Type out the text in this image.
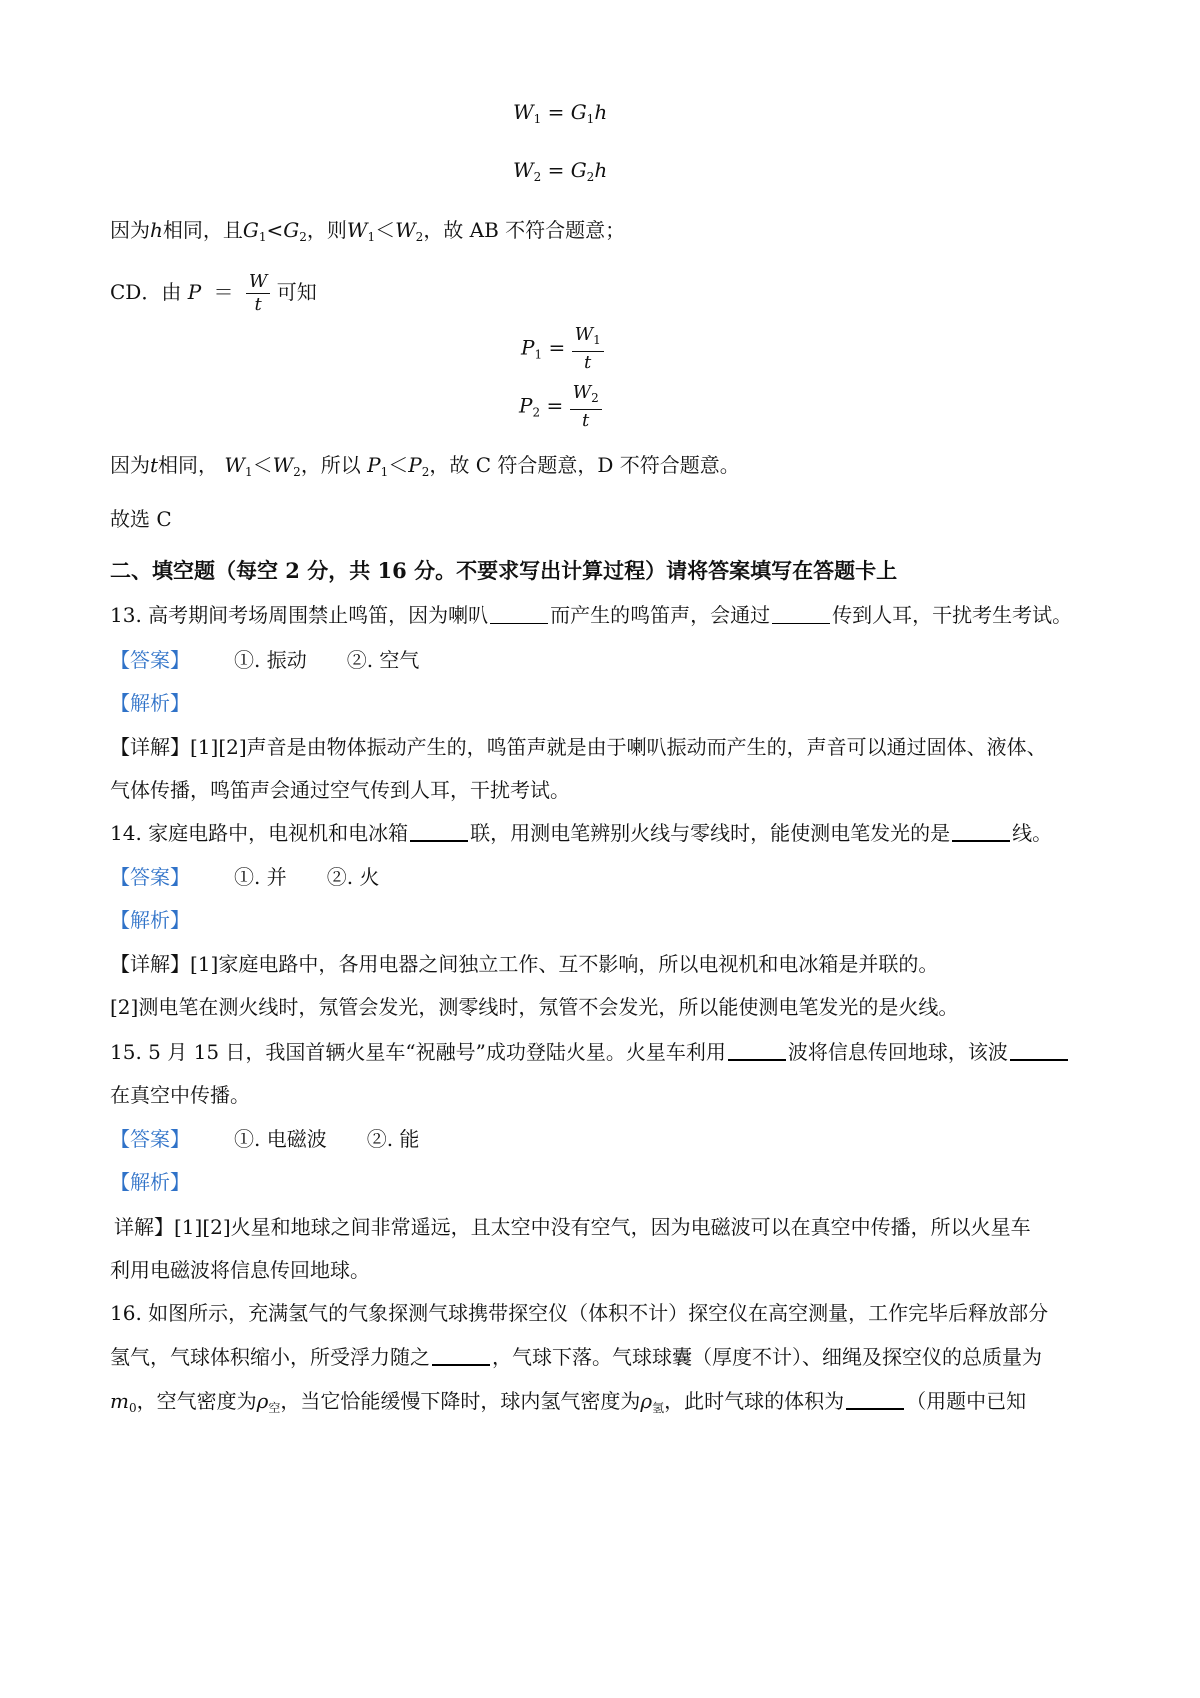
$W_1 = G_1h$
$W_2 = G_2h$
因为h相同，且$G_1<G_2$，则$W_1<W_2$，故 AB 不符合题意；
CD．由 $P = \frac{W}{t}$ 可知
$P_1 = \frac{W_1}{t}$
$P_2 = \frac{W_2}{t}$
因为t相同， $W_1<W_2$，所以 $P_1<P_2$，故 C 符合题意，D 不符合题意。
故选 C
二、填空题（每空 2 分，共 16 分。不要求写出计算过程）请将答案填写在答题卡上
13. 高考期间考场周围禁止鸣笛，因为喇叭	而产生的鸣笛声，会通过	传到人耳，干扰考生考试。
【答案】 ①. 振动 ②. 空气
【解析】
【详解】[1][2]声音是由物体振动产生的，鸣笛声就是由于喇叭振动而产生的，声音可以通过固体、液体、
气体传播，鸣笛声会通过空气传到人耳，干扰考试。
14. 家庭电路中，电视机和电冰箱	联，用测电笔辨别火线与零线时，能使测电笔发光的是	线。
【答案】 ①. 并 ②. 火
【解析】
【详解】[1]家庭电路中，各用电器之间独立工作、互不影响，所以电视机和电冰箱是并联的。
[2]测电笔在测火线时，氖管会发光，测零线时，氖管不会发光，所以能使测电笔发光的是火线。
15. 5 月 15 日，我国首辆火星车“祝融号”成功登陆火星。火星车利用	波将信息传回地球，该波
在真空中传播。
【答案】 ①. 电磁波 ②. 能
【解析】
详解】[1][2]火星和地球之间非常遥远，且太空中没有空气，因为电磁波可以在真空中传播，所以火星车
利用电磁波将信息传回地球。
16. 如图所示，充满氢气的气象探测气球携带探空仪（体积不计）探空仪在高空测量，工作完毕后释放部分
氢气，气球体积缩小，所受浮力随之	，气球下落。气球球囊（厚度不计）、细绳及探空仪的总质量为
$m_0$，空气密度为$\rho_空$，当它恰能缓慢下降时，球内氢气密度为$\rho_氢$，此时气球的体积为	（用题中已知
